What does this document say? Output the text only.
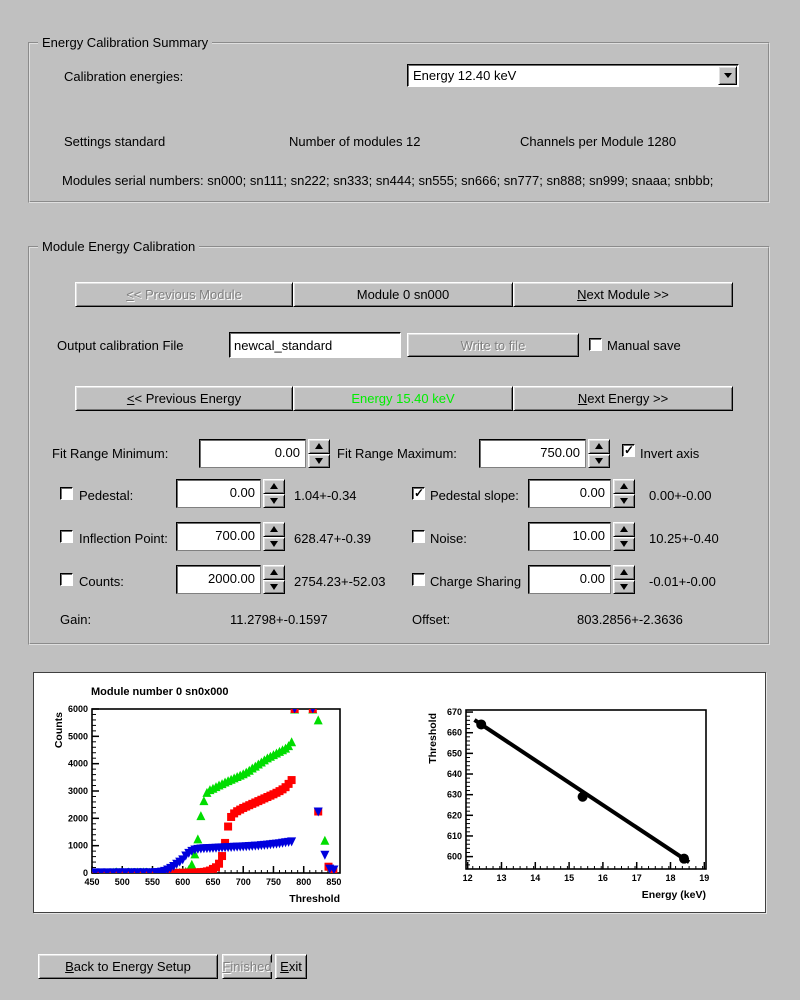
Energy Calibration Summary
Calibration energies:	Energy 12.40 keV
Settings standard	Number of modules 12	Channels per Module 1280
Modules serial numbers: sn000; sn111; sn222; sn333; sn444; sn555; sn666; sn777; sn888; sn999; snaaa; snbbb;
Module Energy Calibration
< < Previous Module	Module 0 sn000	N ext Module >>
Output calibration File
newcal_standard	Write to file	Manual save
< < Previous Energy	Energy 15.40 keV	N ext Energy >>
Fit Range Minimum:	0.00	Fit Range Maximum:	750.00 ✓	Invert axis
Pedestal:	0.00	1.04+-0.34 ✓	Pedestal slope:	0.00	0.00+-0.00
Inflection Point:	700.00	628.47+-0.39	Noise:	10.00	10.25+-0.40
Counts:	2000.00	2754.23+-52.03	Charge Sharing	0.00	-0.01+-0.00
Gain:	11.2798+-0.1597	Offset:	803.2856+-2.3636
450 500 550 600 650 700 750 800 850
0
1000
2000
3000
4000
5000
6000
Module number 0 sn0x000
Threshold
Counts
12	13	14	15	16	17	18	19
600
610
620
630
640
650
660
670
Energy (keV)
Threshold
B ack to Energy Setup	F inished E xit
